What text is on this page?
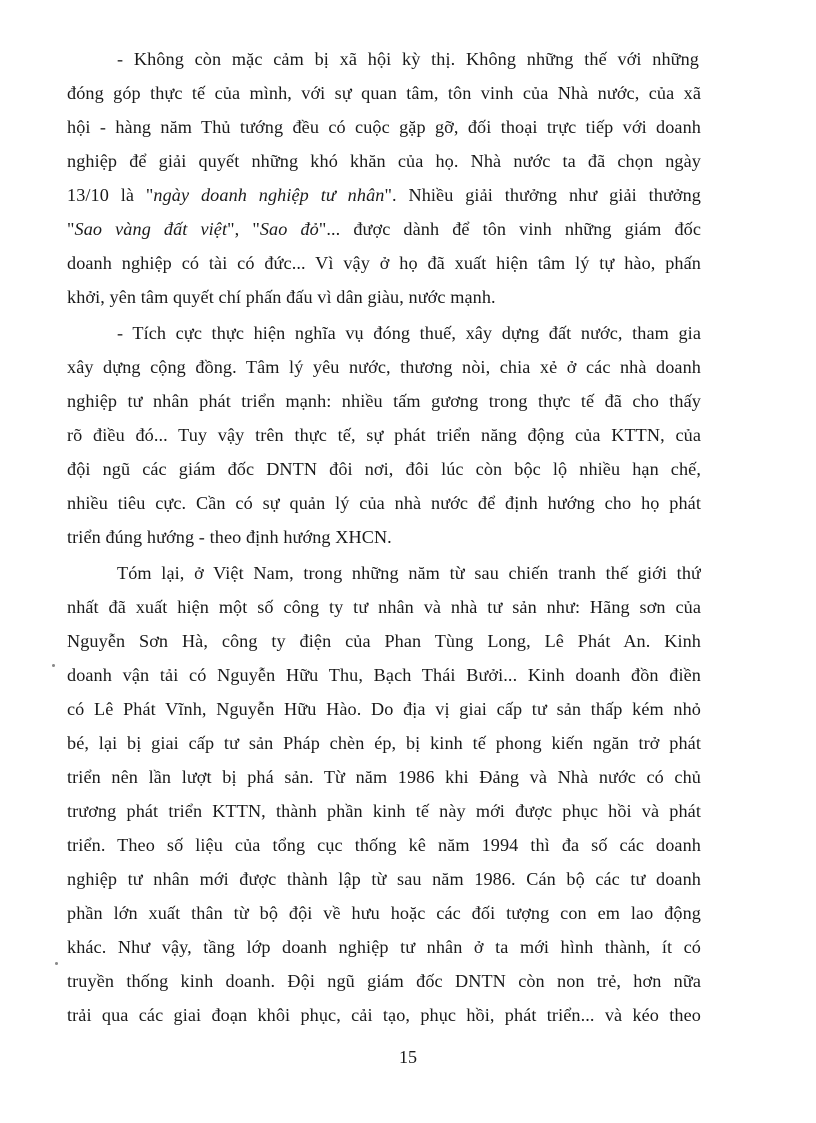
- Không còn mặc cảm bị xã hội kỳ thị. Không những thế với những
đóng góp thực tế của mình, với sự quan tâm, tôn vinh của Nhà nước, của xã
hội - hàng năm Thủ tướng đều có cuộc gặp gỡ, đối thoại trực tiếp với doanh
nghiệp để giải quyết những khó khăn của họ. Nhà nước ta đã chọn ngày
13/10 là "ngày doanh nghiệp tư nhân". Nhiều giải thưởng như giải thưởng
"Sao vàng đất việt", "Sao đỏ"... được dành để tôn vinh những giám đốc
doanh nghiệp có tài có đức... Vì vậy ở họ đã xuất hiện tâm lý tự hào, phấn
khởi, yên tâm quyết chí phấn đấu vì dân giàu, nước mạnh.
- Tích cực thực hiện nghĩa vụ đóng thuế, xây dựng đất nước, tham gia
xây dựng cộng đồng. Tâm lý yêu nước, thương nòi, chia xẻ ở các nhà doanh
nghiệp tư nhân phát triển mạnh: nhiều tấm gương trong thực tế đã cho thấy
rõ điều đó... Tuy vậy trên thực tế, sự phát triển năng động của KTTN, của
đội ngũ các giám đốc DNTN đôi nơi, đôi lúc còn bộc lộ nhiều hạn chế,
nhiều tiêu cực. Cần có sự quản lý của nhà nước để định hướng cho họ phát
triển đúng hướng - theo định hướng XHCN.
Tóm lại, ở Việt Nam, trong những năm từ sau chiến tranh thế giới thứ
nhất đã xuất hiện một số công ty tư nhân và nhà tư sản như: Hãng sơn của
Nguyễn Sơn Hà, công ty điện của Phan Tùng Long, Lê Phát An. Kinh
doanh vận tải có Nguyễn Hữu Thu, Bạch Thái Bưởi... Kinh doanh đồn điền
có Lê Phát Vĩnh, Nguyễn Hữu Hào. Do địa vị giai cấp tư sản thấp kém nhỏ
bé, lại bị giai cấp tư sản Pháp chèn ép, bị kinh tế phong kiến ngăn trở phát
triển nên lần lượt bị phá sản. Từ năm 1986 khi Đảng và Nhà nước có chủ
trương phát triển KTTN, thành phần kinh tế này mới được phục hồi và phát
triển. Theo số liệu của tổng cục thống kê năm 1994 thì đa số các doanh
nghiệp tư nhân mới được thành lập từ sau năm 1986. Cán bộ các tư doanh
phần lớn xuất thân từ bộ đội về hưu hoặc các đối tượng con em lao động
khác. Như vậy, tầng lớp doanh nghiệp tư nhân ở ta mới hình thành, ít có
truyền thống kinh doanh. Đội ngũ giám đốc DNTN còn non trẻ, hơn nữa
trải qua các giai đoạn khôi phục, cải tạo, phục hồi, phát triển... và kéo theo
15
